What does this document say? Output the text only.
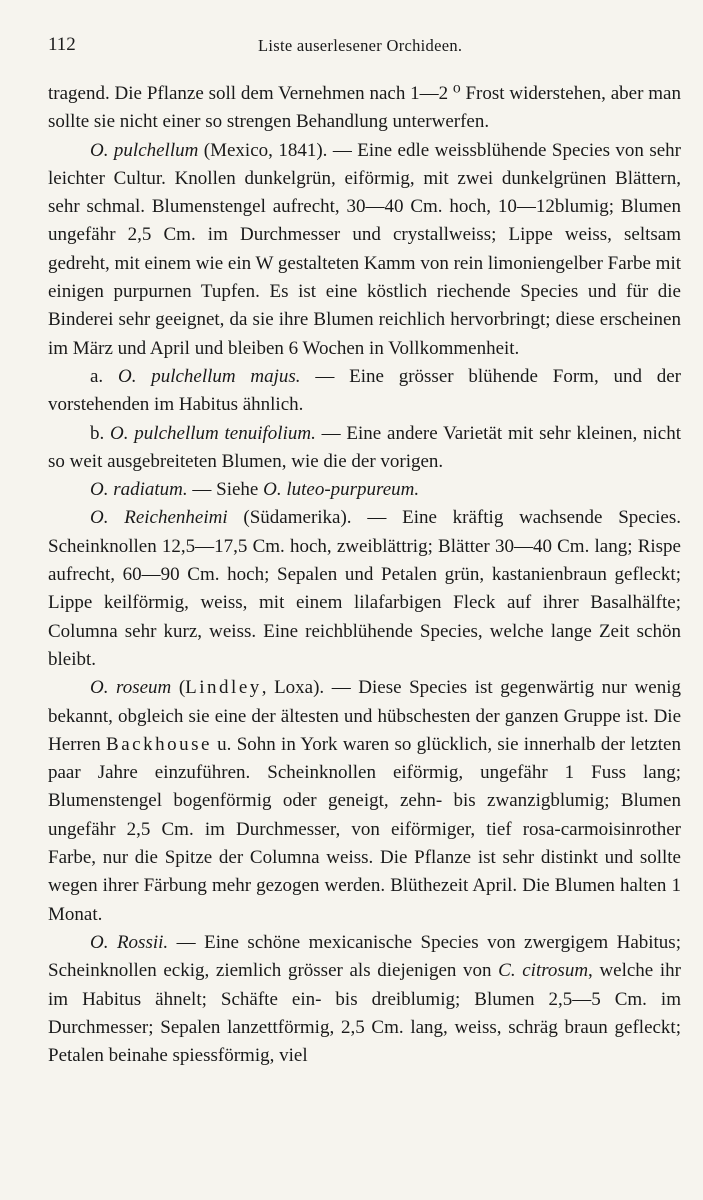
112	Liste auserlesener Orchideen.

tragend. Die Pflanze soll dem Vernehmen nach 1—2 ⁰ Frost widerstehen, aber man sollte sie nicht einer so strengen Behandlung unterwerfen.

O. pulchellum (Mexico, 1841). — Eine edle weissblühende Species von sehr leichter Cultur. Knollen dunkelgrün, eiförmig, mit zwei dunkelgrünen Blättern, sehr schmal. Blumenstengel aufrecht, 30—40 Cm. hoch, 10—12blumig; Blumen ungefähr 2,5 Cm. im Durchmesser und crystallweiss; Lippe weiss, seltsam gedreht, mit einem wie ein W gestalteten Kamm von rein limoniengelber Farbe mit einigen purpurnen Tupfen. Es ist eine köstlich riechende Species und für die Binderei sehr geeignet, da sie ihre Blumen reichlich hervorbringt; diese erscheinen im März und April und bleiben 6 Wochen in Vollkommenheit.

a. O. pulchellum majus. — Eine grösser blühende Form, und der vorstehenden im Habitus ähnlich.

b. O. pulchellum tenuifolium. — Eine andere Varietät mit sehr kleinen, nicht so weit ausgebreiteten Blumen, wie die der vorigen.

O. radiatum. — Siehe O. luteo-purpureum.

O. Reichenheimi (Südamerika). — Eine kräftig wachsende Species. Scheinknollen 12,5—17,5 Cm. hoch, zweiblättrig; Blätter 30—40 Cm. lang; Rispe aufrecht, 60—90 Cm. hoch; Sepalen und Petalen grün, kastanienbraun gefleckt; Lippe keilförmig, weiss, mit einem lilafarbigen Fleck auf ihrer Basalhälfte; Columna sehr kurz, weiss. Eine reichblühende Species, welche lange Zeit schön bleibt.

O. roseum (Lindley, Loxa). — Diese Species ist gegenwärtig nur wenig bekannt, obgleich sie eine der ältesten und hübschesten der ganzen Gruppe ist. Die Herren Backhouse u. Sohn in York waren so glücklich, sie innerhalb der letzten paar Jahre einzuführen. Scheinknollen eiförmig, ungefähr 1 Fuss lang; Blumenstengel bogenförmig oder geneigt, zehn- bis zwanzigblumig; Blumen ungefähr 2,5 Cm. im Durchmesser, von eiförmiger, tief rosa-carmoisinrother Farbe, nur die Spitze der Columna weiss. Die Pflanze ist sehr distinkt und sollte wegen ihrer Färbung mehr gezogen werden. Blüthezeit April. Die Blumen halten 1 Monat.

O. Rossii. — Eine schöne mexicanische Species von zwergigem Habitus; Scheinknollen eckig, ziemlich grösser als diejenigen von C. citrosum, welche ihr im Habitus ähnelt; Schäfte ein- bis dreiblumig; Blumen 2,5—5 Cm. im Durchmesser; Sepalen lanzettförmig, 2,5 Cm. lang, weiss, schräg braun gefleckt; Petalen beinahe spiessförmig, viel
